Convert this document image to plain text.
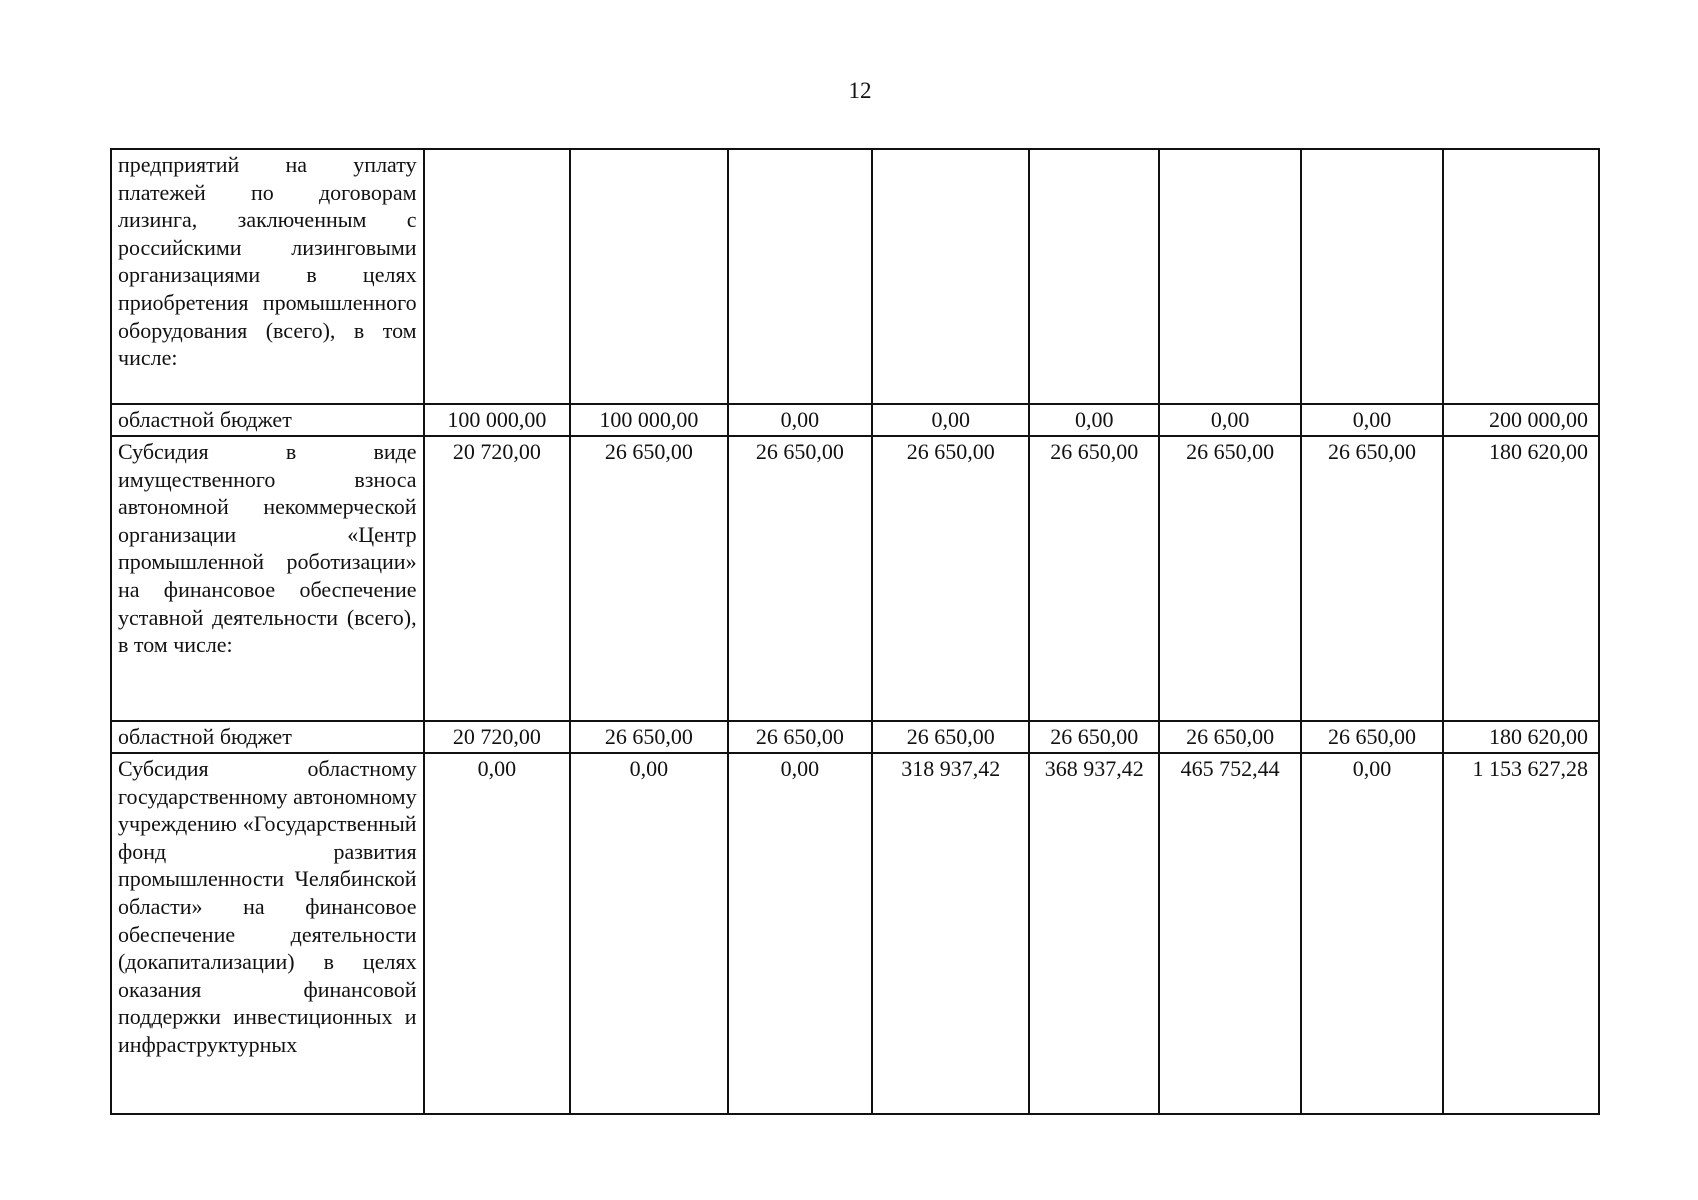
12
предприятий на уплату платежей по договорам лизинга, заключенным с российскими лизинговыми организациями в целях приобретения промышленного оборудования (всего), в том числе:								
областной бюджет	100 000,00	100 000,00	0,00	0,00	0,00	0,00	0,00	200 000,00
Субсидия в виде имущественного взноса автономной некоммерческой организации «Центр промышленной роботизации» на финансовое обеспечение уставной деятельности (всего), в том числе:	20 720,00	26 650,00	26 650,00	26 650,00	26 650,00	26 650,00	26 650,00	180 620,00
областной бюджет	20 720,00	26 650,00	26 650,00	26 650,00	26 650,00	26 650,00	26 650,00	180 620,00
Субсидия областному государственному автономному учреждению «Государственный фонд развития промышленности Челябинской области» на финансовое обеспечение деятельности (докапитализации) в целях оказания финансовой поддержки инвестиционных и инфраструктурных	0,00	0,00	0,00	318 937,42	368 937,42	465 752,44	0,00	1 153 627,28
